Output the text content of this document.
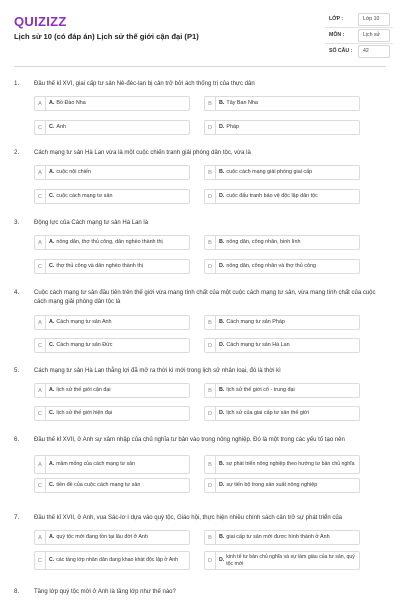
QUIZIZZ
Lịch sử 10 (có đáp án) Lịch sử thế giới cận đại (P1)
LỚP :	Lớp 10
MÔN :	Lịch sử
SỐ CÂU : 42
1. Đầu thế kỉ XVI, giai cấp tư sản Nê-đéc-lan bị cản trở bởi ách thống trị của thực dân
A	A. Bồ Đào Nha	B	B. Tây Ban Nha
C	C. Anh	D	D. Pháp
2. Cách mạng tư sản Hà Lan vừa là một cuộc chiến tranh giải phóng dân tộc, vừa là
A	A. cuộc nội chiến	B	B. cuộc cách mạng giải phóng giai cấp
C	C. cuộc cách mạng tư sản	D	D. cuộc đấu tranh bảo vệ độc lập dân tộc
3. Động lực của Cách mạng tư sản Hà Lan là
A	A. nông dân, thợ thủ công, dân nghèo thành thị	B	B. nông dân, công nhân, binh lính
C	C. thợ thủ công và dân nghèo thành thị	D	D. nông dân, công nhân và thợ thủ công
4. Cuộc cách mạng tư sản đầu tiên trên thế giới vừa mang tính chất của một cuộc cách mạng tư sản, vừa mang tính chất của cuộc cách mạng giải phóng dân tộc là
A	A. Cách mạng tư sản Anh	B	B. Cách mạng tư sản Pháp
C	C. Cách mạng tư sản Đức	D	D. Cách mạng tư sản Hà Lan
5. Cách mạng tư sản Hà Lan thắng lợi đã mở ra thời kì mới trong lịch sử nhân loại, đó là thời kì
A	A. lịch sử thế giới cận đại	B	B. lịch sử thế giới cổ - trung đại
C	C. lịch sử thế giới hiện đại	D	D. lịch sử của giai cấp tư sản thế giới
6. Đầu thế kỉ XVII, ở Anh sự xâm nhập của chủ nghĩa tư bản vào trong nông nghiệp. Đó là một trong các yếu tố tạo nên
A	A. mầm mống của cách mạng tư sản	B	B. sự phát triển nông nghiệp theo hướng tư bản chủ nghĩa
C	C. tiền đề của cuộc cách mạng tư sản	D	D. sự tiến bộ trong sản xuất nông nghiệp
7. Đầu thế kỉ XVII, ở Anh, vua Sác-lơ I dựa vào quý tộc, Giáo hội, thực hiện nhiều chính sách cản trở sự phát triển của
A	A. quý tộc mới đang tồn tại lâu đời ở Anh	B	B. giai cấp tư sản mới được hình thành ở Anh
C	C. các tầng lớp nhân dân đang khao khát độc lập ở Anh	D	D.
kinh tế tư bản chủ nghĩa và sự làm giàu của tư sản, quý tộc mới
8. Tầng lớp quý tộc mới ở Anh là tầng lớp như thế nào?
